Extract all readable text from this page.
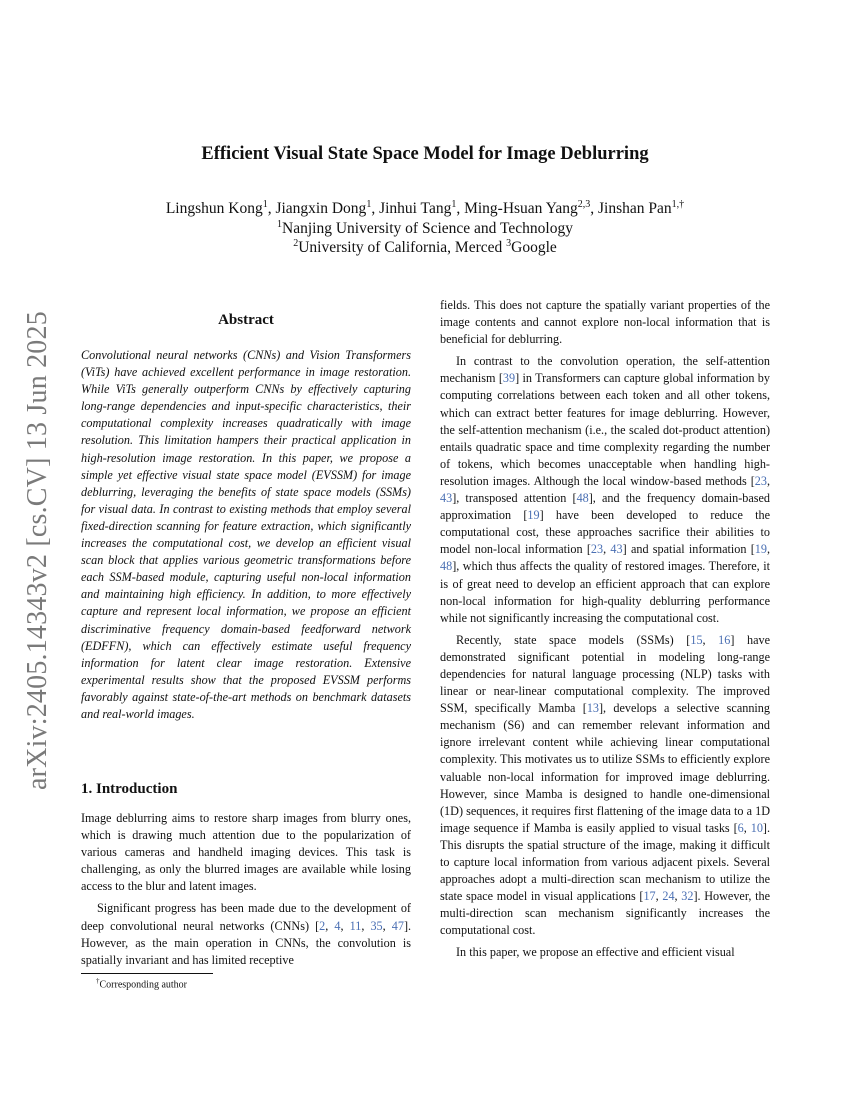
arXiv:2405.14343v2 [cs.CV] 13 Jun 2025
Efficient Visual State Space Model for Image Deblurring
Lingshun Kong$^1$, Jiangxin Dong$^1$, Jinhui Tang$^1$, Ming-Hsuan Yang$^{2,3}$, Jinshan Pan$^{1,\dagger}$
$^1$Nanjing University of Science and Technology
$^2$University of California, Merced $^3$Google
Abstract

Convolutional neural networks (CNNs) and Vision Transformers (ViTs) have achieved excellent performance in image restoration. While ViTs generally outperform CNNs by effectively capturing long-range dependencies and input-specific characteristics, their computational complexity increases quadratically with image resolution. This limitation hampers their practical application in high-resolution image restoration. In this paper, we propose a simple yet effective visual state space model (EVSSM) for image deblurring, leveraging the benefits of state space models (SSMs) for visual data. In contrast to existing methods that employ several fixed-direction scanning for feature extraction, which significantly increases the computational cost, we develop an efficient visual scan block that applies various geometric transformations before each SSM-based module, capturing useful non-local information and maintaining high efficiency. In addition, to more effectively capture and represent local information, we propose an efficient discriminative frequency domain-based feedforward network (EDFFN), which can effectively estimate useful frequency information for latent clear image restoration. Extensive experimental results show that the proposed EVSSM performs favorably against state-of-the-art methods on benchmark datasets and real-world images.

1. Introduction

Image deblurring aims to restore sharp images from blurry ones, which is drawing much attention due to the popularization of various cameras and handheld imaging devices. This task is challenging, as only the blurred images are available while losing access to the blur and latent images.

Significant progress has been made due to the development of deep convolutional neural networks (CNNs) [2, 4, 11, 35, 47]. However, as the main operation in CNNs, the convolution is spatially invariant and has limited receptive

fields. This does not capture the spatially variant properties of the image contents and cannot explore non-local information that is beneficial for deblurring.

In contrast to the convolution operation, the self-attention mechanism [39] in Transformers can capture global information by computing correlations between each token and all other tokens, which can extract better features for image deblurring. However, the self-attention mechanism (i.e., the scaled dot-product attention) entails quadratic space and time complexity regarding the number of tokens, which becomes unacceptable when handling high-resolution images. Although the local window-based methods [23, 43], transposed attention [48], and the frequency domain-based approximation [19] have been developed to reduce the computational cost, these approaches sacrifice their abilities to model non-local information [23, 43] and spatial information [19, 48], which thus affects the quality of restored images. Therefore, it is of great need to develop an efficient approach that can explore non-local information for high-quality deblurring performance while not significantly increasing the computational cost.

Recently, state space models (SSMs) [15, 16] have demonstrated significant potential in modeling long-range dependencies for natural language processing (NLP) tasks with linear or near-linear computational complexity. The improved SSM, specifically Mamba [13], develops a selective scanning mechanism (S6) and can remember relevant information and ignore irrelevant content while achieving linear computational complexity. This motivates us to utilize SSMs to efficiently explore valuable non-local information for improved image deblurring. However, since Mamba is designed to handle one-dimensional (1D) sequences, it requires first flattening of the image data to a 1D image sequence if Mamba is easily applied to visual tasks [6, 10]. This disrupts the spatial structure of the image, making it difficult to capture local information from various adjacent pixels. Several approaches adopt a multi-direction scan mechanism to utilize the state space model in visual applications [17, 24, 32]. However, the multi-direction scan mechanism significantly increases the computational cost.

In this paper, we propose an effective and efficient visual

†Corresponding author
